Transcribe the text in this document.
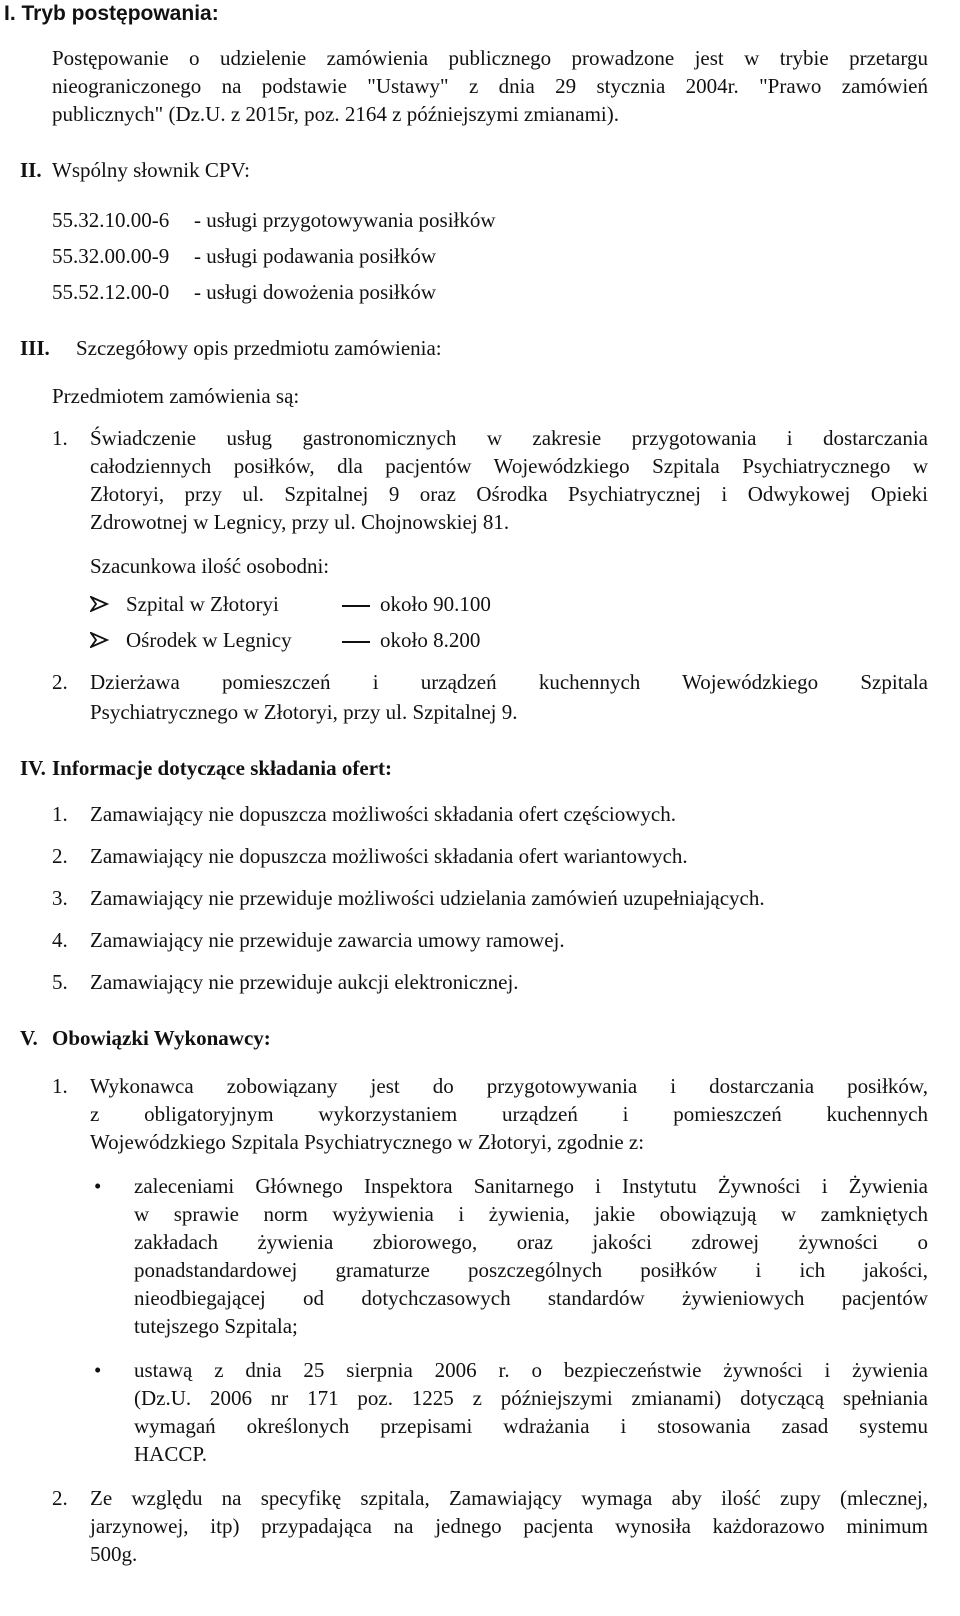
I. Tryb postępowania:
Postępowanie o udzielenie zamówienia publicznego prowadzone jest w trybie przetargu
nieograniczonego na podstawie "Ustawy" z dnia 29 stycznia 2004r. "Prawo zamówień
publicznych" (Dz.U. z 2015r, poz. 2164 z późniejszymi zmianami).
II. Wspólny słownik CPV:
55.32.10.00-6 - usługi przygotowywania posiłków
55.32.00.00-9 - usługi podawania posiłków
55.52.12.00-0 - usługi dowożenia posiłków
III. Szczegółowy opis przedmiotu zamówienia:
Przedmiotem zamówienia są:
1. Świadczenie usług gastronomicznych w zakresie przygotowania i dostarczania
całodziennych posiłków, dla pacjentów Wojewódzkiego Szpitala Psychiatrycznego w
Złotoryi, przy ul. Szpitalnej 9 oraz Ośrodka Psychiatrycznej i Odwykowej Opieki
Zdrowotnej w Legnicy, przy ul. Chojnowskiej 81.
Szacunkowa ilość osobodni:
Szpital w Złotoryi	około 90.100
Ośrodek w Legnicy	około 8.200
2. Dzierżawa pomieszczeń i urządzeń kuchennych Wojewódzkiego Szpitala
Psychiatrycznego w Złotoryi, przy ul. Szpitalnej 9.
IV. Informacje dotyczące składania ofert:
1. Zamawiający nie dopuszcza możliwości składania ofert częściowych.
2. Zamawiający nie dopuszcza możliwości składania ofert wariantowych.
3. Zamawiający nie przewiduje możliwości udzielania zamówień uzupełniających.
4. Zamawiający nie przewiduje zawarcia umowy ramowej.
5. Zamawiający nie przewiduje aukcji elektronicznej.
V. Obowiązki Wykonawcy:
1. Wykonawca zobowiązany jest do przygotowywania i dostarczania posiłków,
z obligatoryjnym wykorzystaniem urządzeń i pomieszczeń kuchennych
Wojewódzkiego Szpitala Psychiatrycznego w Złotoryi, zgodnie z:
• zaleceniami Głównego Inspektora Sanitarnego i Instytutu Żywności i Żywienia
w sprawie norm wyżywienia i żywienia, jakie obowiązują w zamkniętych
zakładach żywienia zbiorowego, oraz jakości zdrowej żywności o
ponadstandardowej gramaturze poszczególnych posiłków i ich jakości,
nieodbiegającej od dotychczasowych standardów żywieniowych pacjentów
tutejszego Szpitala;
• ustawą z dnia 25 sierpnia 2006 r. o bezpieczeństwie żywności i żywienia
(Dz.U. 2006 nr 171 poz. 1225 z późniejszymi zmianami) dotyczącą spełniania
wymagań określonych przepisami wdrażania i stosowania zasad systemu
HACCP.
2. Ze względu na specyfikę szpitala, Zamawiający wymaga aby ilość zupy (mlecznej,
jarzynowej, itp) przypadająca na jednego pacjenta wynosiła każdorazowo minimum
500g.
